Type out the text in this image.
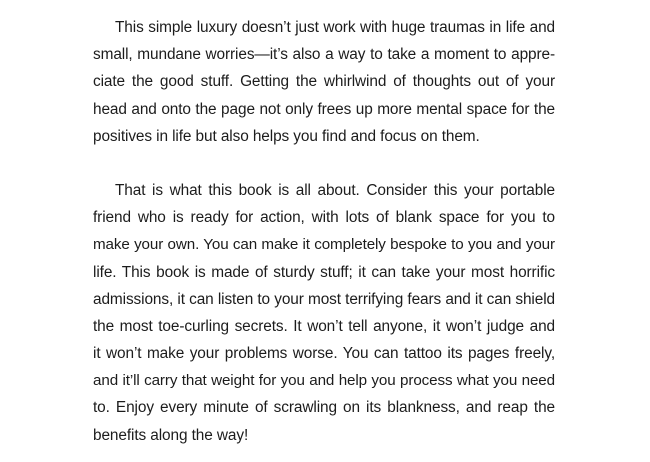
This simple luxury doesn’t just work with huge traumas in life and
small, mundane worries—it’s also a way to take a moment to appre-
ciate the good stuff. Getting the whirlwind of thoughts out of your
head and onto the page not only frees up more mental space for the
positives in life but also helps you find and focus on them.
That is what this book is all about. Consider this your portable
friend who is ready for action, with lots of blank space for you to
make your own. You can make it completely bespoke to you and your
life. This book is made of sturdy stuff; it can take your most horrific
admissions, it can listen to your most terrifying fears and it can shield
the most toe-curling secrets. It won’t tell anyone, it won’t judge and
it won’t make your problems worse. You can tattoo its pages freely,
and it’ll carry that weight for you and help you process what you need
to. Enjoy every minute of scrawling on its blankness, and reap the
benefits along the way!
